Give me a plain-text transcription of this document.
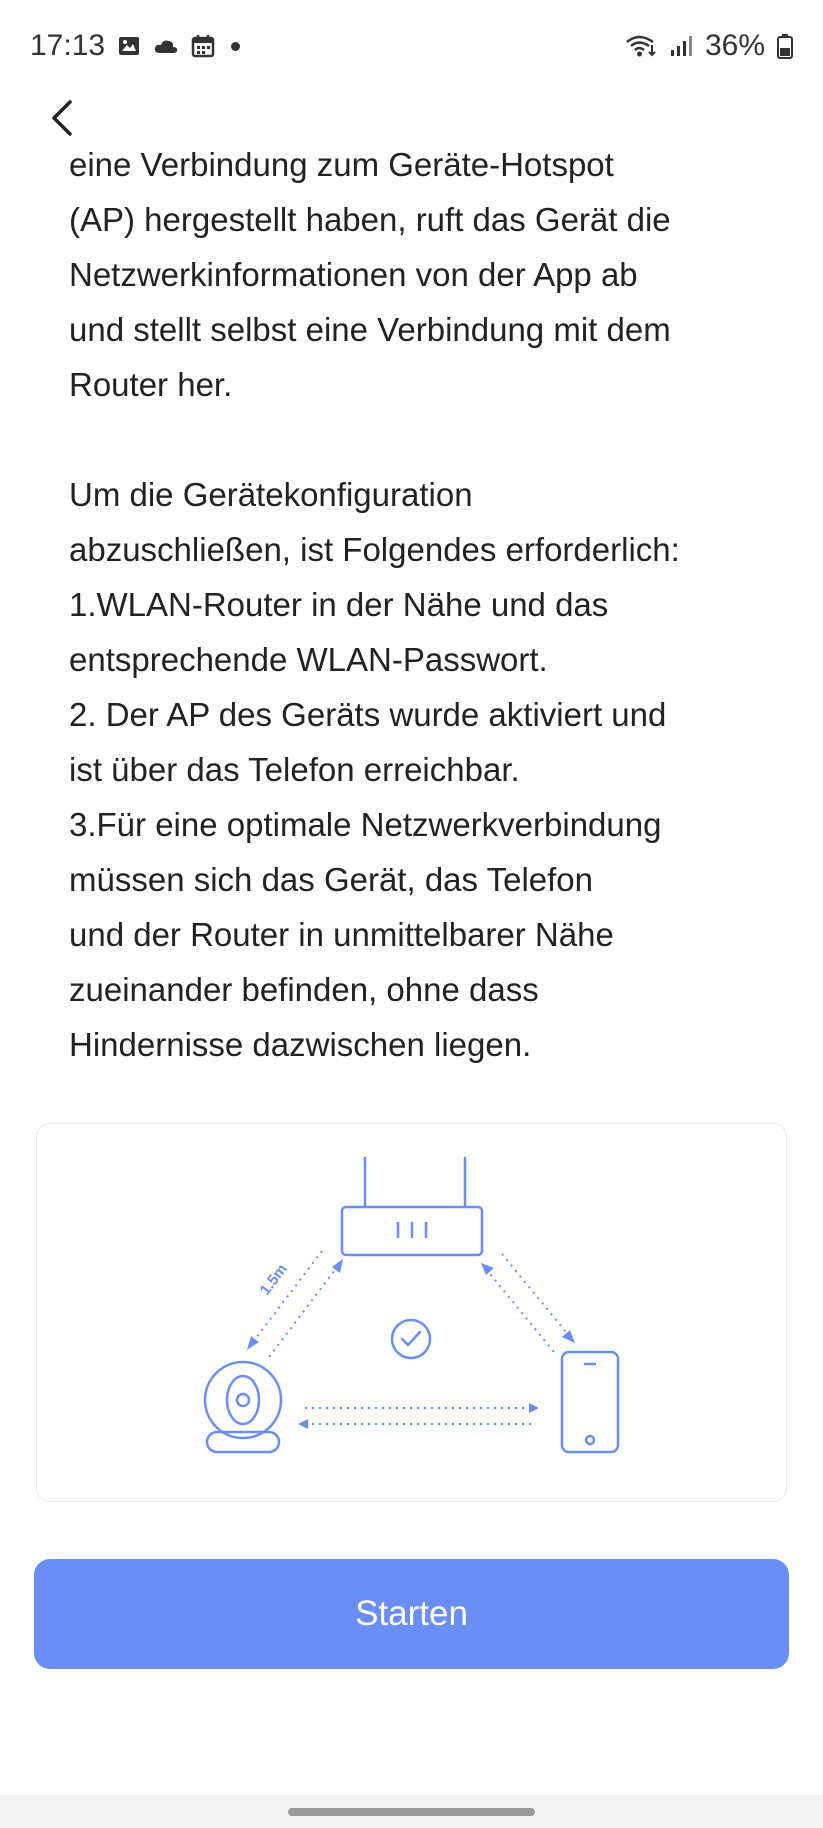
17:13	36%

eine Verbindung zum Geräte-Hotspot
(AP) hergestellt haben, ruft das Gerät die
Netzwerkinformationen von der App ab
und stellt selbst eine Verbindung mit dem
Router her.

Um die Gerätekonfiguration
abzuschließen, ist Folgendes erforderlich:
1.WLAN-Router in der Nähe und das
entsprechende WLAN-Passwort.
2. Der AP des Geräts wurde aktiviert und
ist über das Telefon erreichbar.
3.Für eine optimale Netzwerkverbindung
müssen sich das Gerät, das Telefon
und der Router in unmittelbarer Nähe
zueinander befinden, ohne dass
Hindernisse dazwischen liegen.

1.5m
Starten
